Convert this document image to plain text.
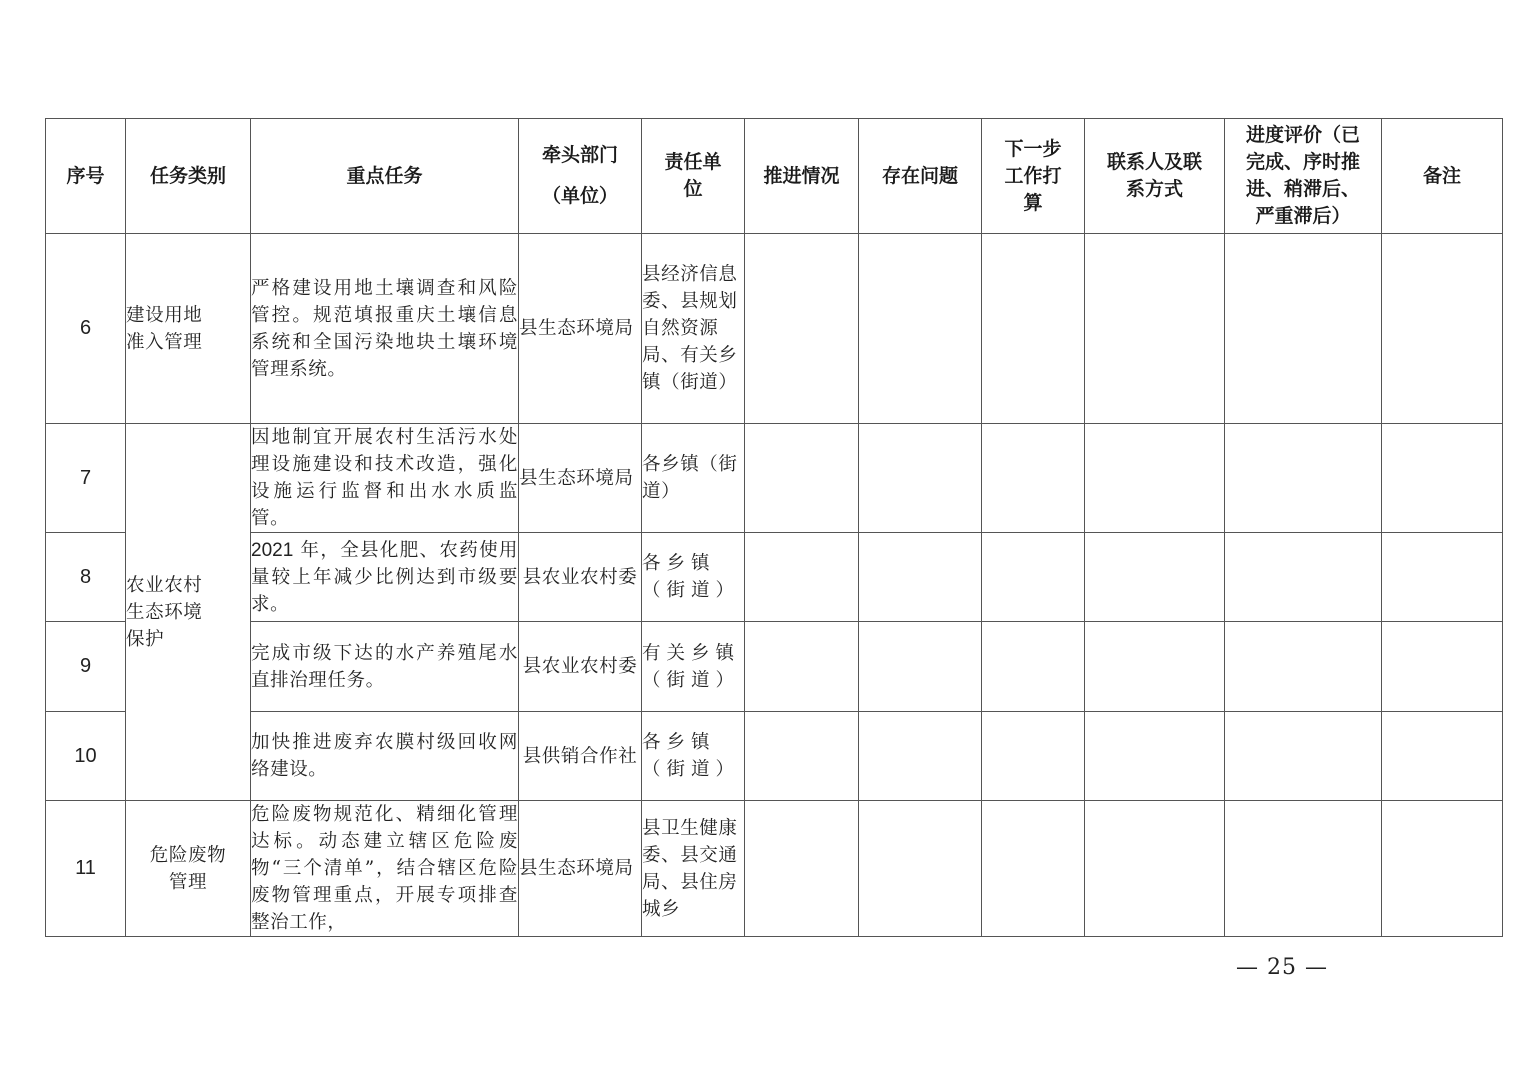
序号	任务类别	重点任务	牵头部门
（单位）	责任单
位	推进情况	存在问题	下一步
工作打
算	联系人及联
系方式	进度评价（已
完成、序时推
进、稍滞后、
严重滞后）	备注
6	建设用地
准入管理	严格建设用地土壤调查和风险管控。规范填报重庆土壤信息系统和全国污染地块土壤环境管理系统。	县生态环境局	县经济信息委、县规划自然资源局、有关乡镇（街道）						
7	农业农村
生态环境
保护	因地制宜开展农村生活污水处理设施建设和技术改造，强化设施运行监督和出水水质监管。	县生态环境局	各乡镇（街道）						
8		2021 年，全县化肥、农药使用量较上年减少比例达到市级要求。	县农业农村委	各乡镇（街道）						
9		完成市级下达的水产养殖尾水直排治理任务。	县农业农村委	有关乡镇（街道）						
10		加快推进废弃农膜村级回收网络建设。	县供销合作社	各乡镇（街道）						
11	危险废物
管理	危险废物规范化、精细化管理达标。动态建立辖区危险废物“三个清单”，结合辖区危险废物管理重点，开展专项排查整治工作，	县生态环境局	县卫生健康委、县交通局、县住房城乡						
— 25 —
